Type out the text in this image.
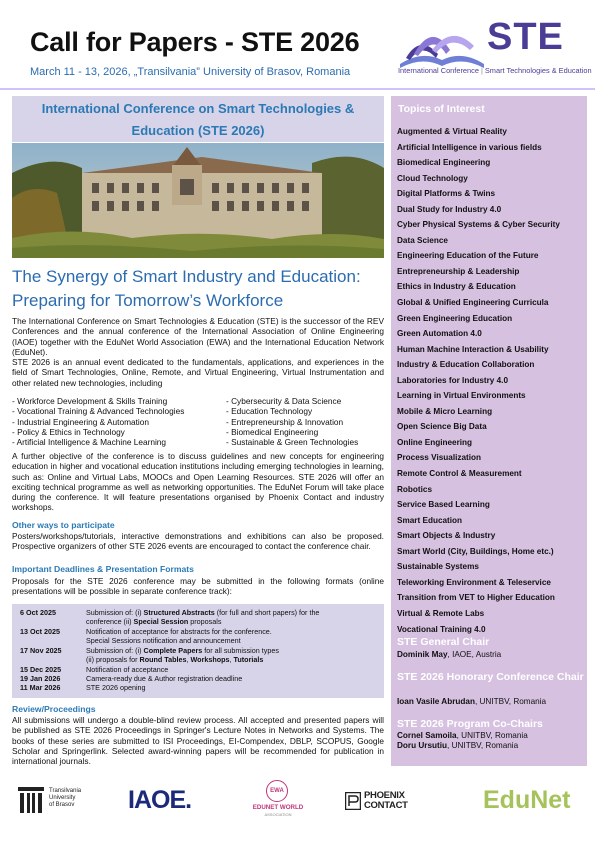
Call for Papers - STE 2026
March 11 - 13, 2026, „Transilvania” University of Brasov, Romania
STE
International Conference | Smart Technologies & Education
International Conference on Smart Technologies &
Education (STE 2026)
The Synergy of Smart Industry and Education:
Preparing for Tomorrow’s Workforce
The International Conference on Smart Technologies & Education (STE) is the successor of the REV Conferences and the annual conference of the International Association of Online Engineering (IAOE) together with the EduNet World Association (EWA) and the International Education Network (EduNet).
STE 2026 is an annual event dedicated to the fundamentals, applications, and experiences in the field of Smart Technologies, Online, Remote, and Virtual Engineering, Virtual Instrumentation and other related new technologies, including
- Workforce Development & Skills Training
- Vocational Training & Advanced Technologies
- Industrial Engineering & Automation
- Policy & Ethics in Technology
- Artificial Intelligence & Machine Learning
- Cybersecurity & Data Science
- Education Technology
- Entrepreneurship & Innovation
- Biomedical Engineering
- Sustainable & Green Technologies
A further objective of the conference is to discuss guidelines and new concepts for engineering education in higher and vocational education institutions including emerging technologies in learning, such as: Online and Virtual Labs, MOOCs and Open Learning Resources. STE 2026 will offer an exciting technical programme as well as networking opportunities. The EduNet Forum will take place during the conference. It will feature presentations organised by Phoenix Contact and industry workshops.
Other ways to participate
Posters/workshops/tutorials, interactive demonstrations and exhibitions can also be proposed. Prospective organizers of other STE 2026 events are encouraged to contact the conference chair.
Important Deadlines & Presentation Formats
Proposals for the STE 2026 conference may be submitted in the following formats (online presentations will be possible in separate conference track):
6 Oct 2025	Submission of: (i) Structured Abstracts (for full and short papers) for the
conference (ii) Special Session proposals
13 Oct 2025	Notification of acceptance for abstracts for the conference.
Special Sessions notification and announcement
17 Nov 2025	Submission of: (i) Complete Papers for all submission types
(ii) proposals for Round Tables, Workshops, Tutorials
15 Dec 2025	Notification of acceptance
19 Jan 2026	Camera-ready due & Author registration deadline
11 Mar 2026	STE 2026 opening
Review/Proceedings
All submissions will undergo a double-blind review process. All accepted and presented papers will be published as STE 2026 Proceedings in Springer's Lecture Notes in Networks and Systems. The books of these series are submitted to ISI Proceedings, EI-Compendex, DBLP, SCOPUS, Google Scholar and Springerlink. Selected award-winning papers will be recommended for publication in international journals.
Topics of Interest
Augmented & Virtual Reality
Artificial Intelligence in various fields
Biomedical Engineering
Cloud Technology
Digital Platforms & Twins
Dual Study for Industry 4.0
Cyber Physical Systems & Cyber Security
Data Science
Engineering Education of the Future
Entrepreneurship & Leadership
Ethics in Industry & Education
Global & Unified Engineering Curricula
Green Engineering Education
Green Automation 4.0
Human Machine Interaction & Usability
Industry & Education Collaboration
Laboratories for Industry 4.0
Learning in Virtual Environments
Mobile & Micro Learning
Open Science Big Data
Online Engineering
Process Visualization
Remote Control & Measurement
Robotics
Service Based Learning
Smart Education
Smart Objects & Industry
Smart World (City, Buildings, Home etc.)
Sustainable Systems
Teleworking Environment & Teleservice
Transition from VET to Higher Education
Virtual & Remote Labs
Vocational Training 4.0
STE General Chair
Dominik May, IAOE, Austria
STE 2026 Honorary Conference Chair
Ioan Vasile Abrudan, UNITBV, Romania
STE 2026 Program Co-Chairs
Cornel Samoila, UNITBV, Romania
Doru Ursutiu, UNITBV, Romania
Transilvania
University
of Brasov IAOE.	EWA
EDUNET WORLD
ASSOCIATION
PHOENIX
CONTACT	EduNet
